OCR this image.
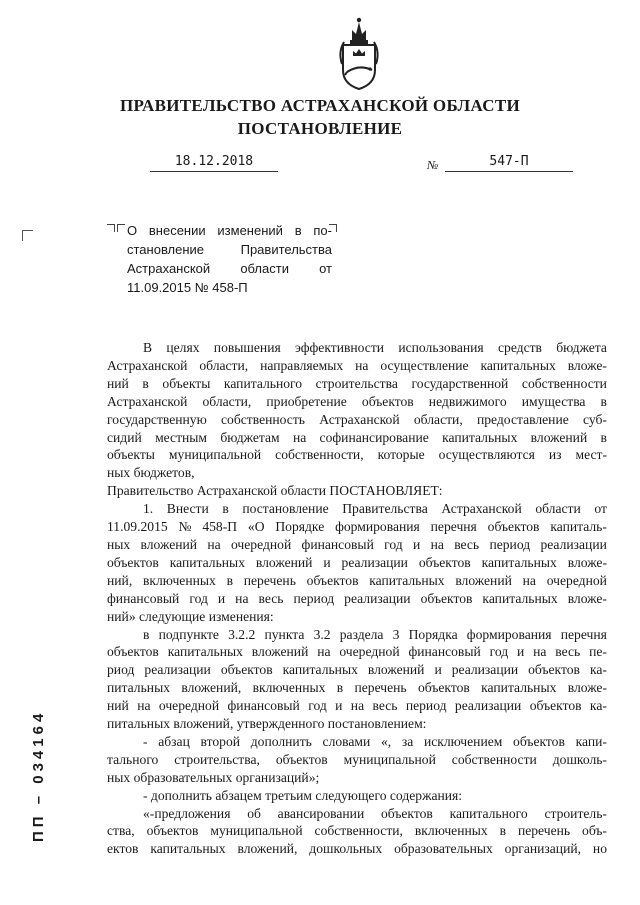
ПРАВИТЕЛЬСТВО АСТРАХАНСКОЙ ОБЛАСТИ
ПОСТАНОВЛЕНИЕ
18.12.2018	№	547-П
О внесении изменений в по-
становление	Правительства
Астраханской области от
11.09.2015 № 458-П
В целях повышения эффективности использования средств бюджета
Астраханской области, направляемых на осуществление капитальных вложе-
ний в объекты капитального строительства государственной собственности
Астраханской области, приобретение объектов недвижимого имущества в
государственную собственность Астраханской области, предоставление суб-
сидий местным бюджетам на софинансирование капитальных вложений в
объекты муниципальной собственности, которые осуществляются из мест-
ных бюджетов,
Правительство Астраханской области ПОСТАНОВЛЯЕТ:
1. Внести в постановление Правительства Астраханской области от
11.09.2015 № 458-П «О Порядке формирования перечня объектов капиталь-
ных вложений на очередной финансовый год и на весь период реализации
объектов капитальных вложений и реализации объектов капитальных вложе-
ний, включенных в перечень объектов капитальных вложений на очередной
финансовый год и на весь период реализации объектов капитальных вложе-
ний» следующие изменения:
в подпункте 3.2.2 пункта 3.2 раздела 3 Порядка формирования перечня
объектов капитальных вложений на очередной финансовый год и на весь пе-
риод реализации объектов капитальных вложений и реализации объектов ка-
питальных вложений, включенных в перечень объектов капитальных вложе-
ний на очередной финансовый год и на весь период реализации объектов ка-
питальных вложений, утвержденного постановлением:
- абзац второй дополнить словами «, за исключением объектов капи-
тального строительства, объектов муниципальной собственности дошколь-
ных образовательных организаций»;
- дополнить абзацем третьим следующего содержания:
«-предложения об авансировании объектов капитального строитель-
ства, объектов муниципальной собственности, включенных в перечень объ-
ектов капитальных вложений, дошкольных образовательных организаций, но
ПП – 034164
